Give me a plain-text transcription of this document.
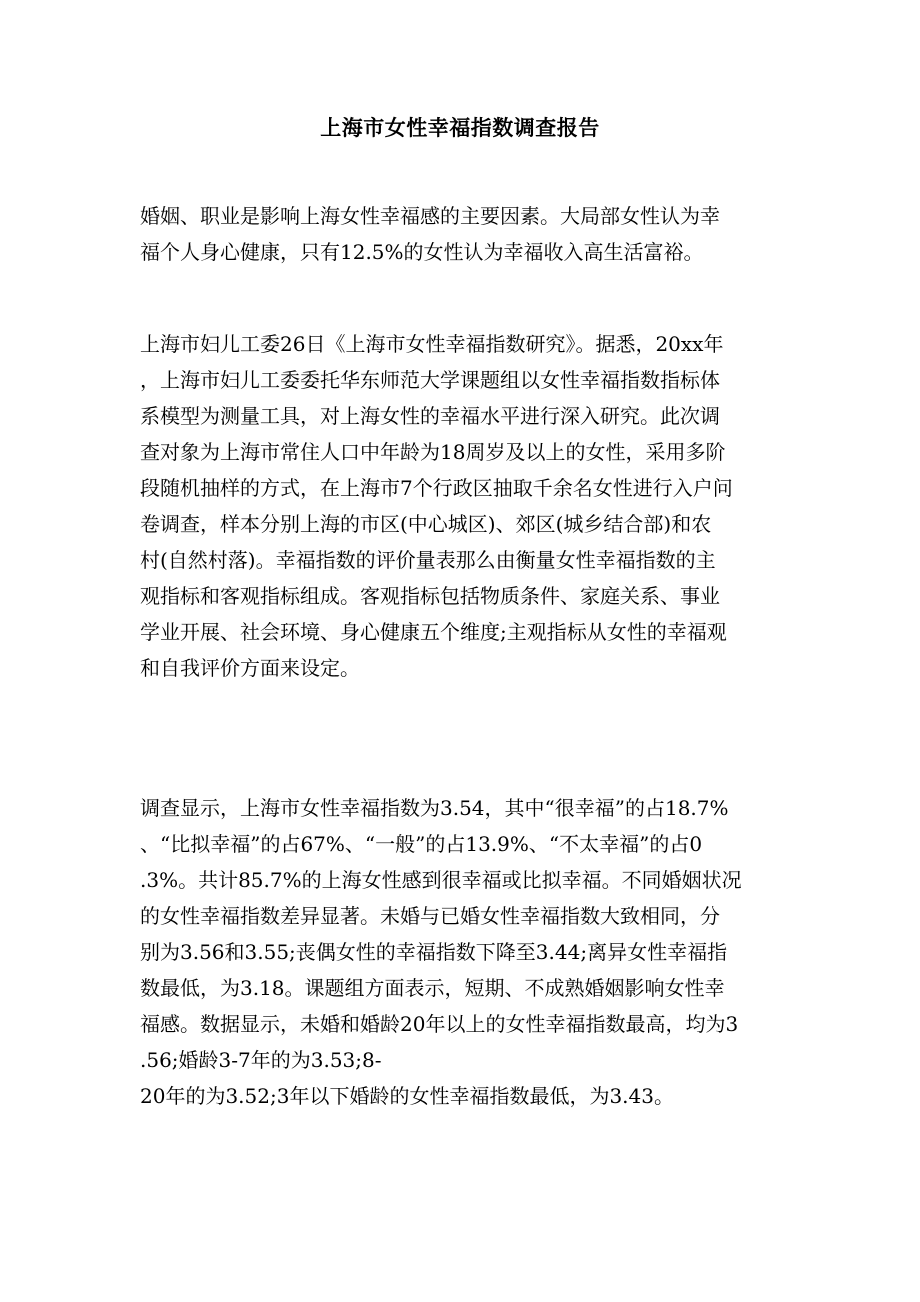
上海市女性幸福指数调查报告
婚姻、职业是影响上海女性幸福感的主要因素。大局部女性认为幸
福个人身心健康，只有12.5%的女性认为幸福收入高生活富裕。
上海市妇儿工委26日《上海市女性幸福指数研究》。据悉，20xx年
，上海市妇儿工委委托华东师范大学课题组以女性幸福指数指标体
系模型为测量工具，对上海女性的幸福水平进行深入研究。此次调
查对象为上海市常住人口中年龄为18周岁及以上的女性，采用多阶
段随机抽样的方式，在上海市7个行政区抽取千余名女性进行入户问
卷调查，样本分别上海的市区(中心城区)、郊区(城乡结合部)和农
村(自然村落)。幸福指数的评价量表那么由衡量女性幸福指数的主
观指标和客观指标组成。客观指标包括物质条件、家庭关系、事业
学业开展、社会环境、身心健康五个维度;主观指标从女性的幸福观
和自我评价方面来设定。
调查显示，上海市女性幸福指数为3.54，其中“很幸福”的占18.7%
、“比拟幸福”的占67%、“一般”的占13.9%、“不太幸福”的占0
.3%。共计85.7%的上海女性感到很幸福或比拟幸福。不同婚姻状况
的女性幸福指数差异显著。未婚与已婚女性幸福指数大致相同，分
别为3.56和3.55;丧偶女性的幸福指数下降至3.44;离异女性幸福指
数最低，为3.18。课题组方面表示，短期、不成熟婚姻影响女性幸
福感。数据显示，未婚和婚龄20年以上的女性幸福指数最高，均为3
.56;婚龄3-7年的为3.53;8-
20年的为3.52;3年以下婚龄的女性幸福指数最低，为3.43。
